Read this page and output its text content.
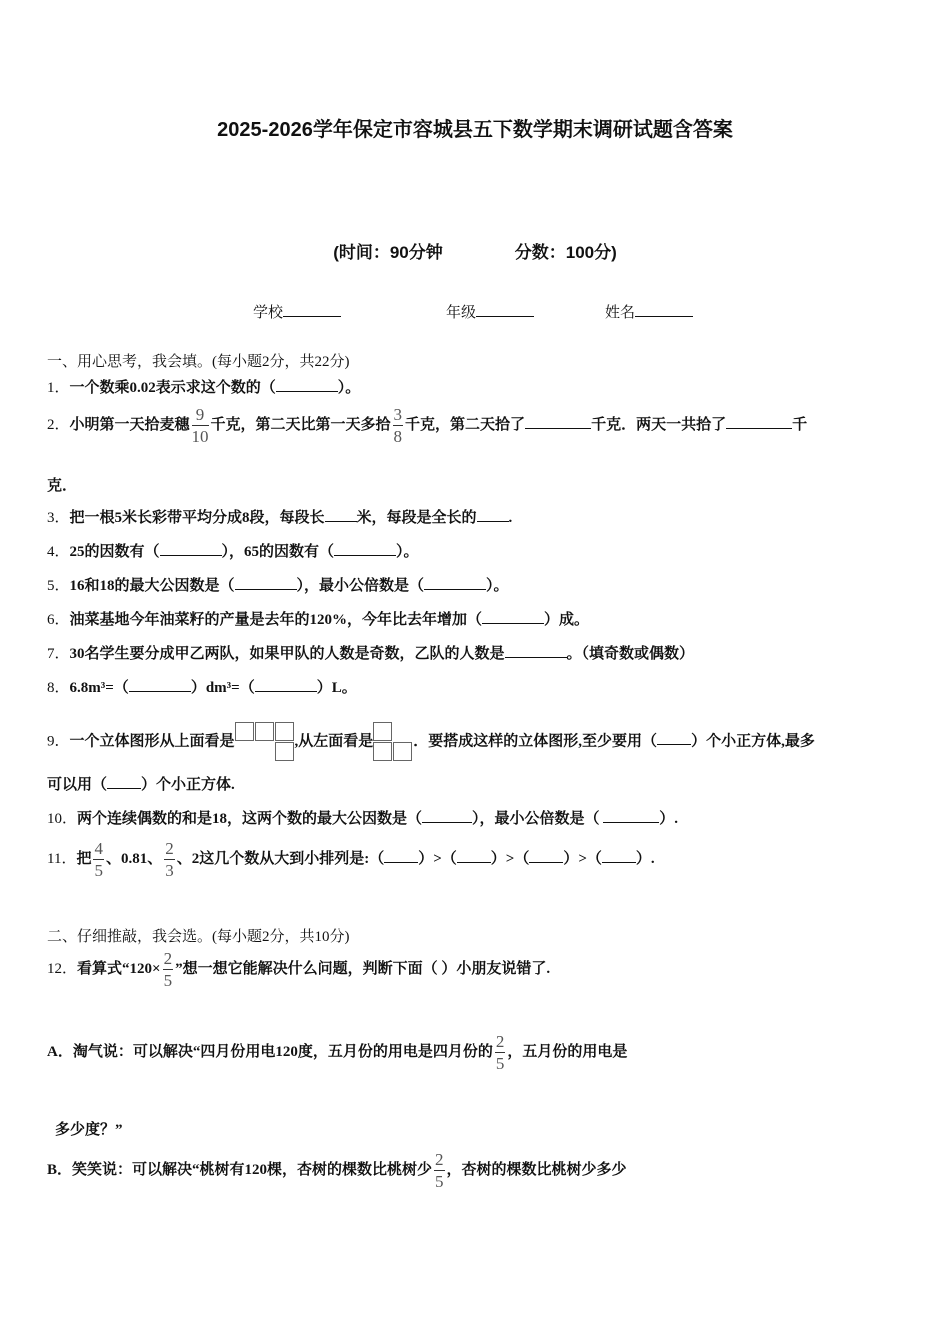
2025-2026学年保定市容城县五下数学期末调研试题含答案
(时间：90分钟	分数：100分)
学校	年级	姓名
一、用心思考，我会填。(每小题2分，共22分)
1．一个数乘0.02表示求这个数的（	）。
2．小明第一天拾麦穗 $\frac{9}{10}$ 千克，第二天比第一天多拾 $\frac{3}{8}$ 千克，第二天拾了	千克．两天一共拾了	千
克．
3．把一根5米长彩带平均分成8段，每段长 米，每段是全长的 .
4．25的因数有（	），65的因数有（	）。
5．16和18的最大公因数是（	），最小公倍数是（	）。
6．油菜基地今年油菜籽的产量是去年的120%，今年比去年增加（	）成。
7．30名学生要分成甲乙两队，如果甲队的人数是奇数，乙队的人数是	。（填奇数或偶数）
8．6.8m³=（	）dm³=（	）L。
9．一个立体图形从上面看是	,从左面看是	．要搭成这样的立体图形,至少要用（ ）个小正方体,最多
可以用（ ）个小正方体.
10．两个连续偶数的和是18，这两个数的最大公因数是（	），最小公倍数是（	）.
11．把 $\frac{4}{5}$ 、0.81、 $\frac{2}{3}$ 、2这几个数从大到小排列是:（ ）>（ ）>（ ）>（ ）.
二、仔细推敲，我会选。(每小题2分，共10分)
12．看算式“$120\times \frac{2}{5}$ ”想一想它能解决什么问题，判断下面（ ）小朋友说错了.
A．淘气说：可以解决“四月份用电120度，五月份的用电是四月份的 $\frac{2}{5}$ ，五月份的用电是
多少度？”
B．笑笑说：可以解决“桃树有120棵，杏树的棵数比桃树少 $\frac{2}{5}$ ，杏树的棵数比桃树少多少
